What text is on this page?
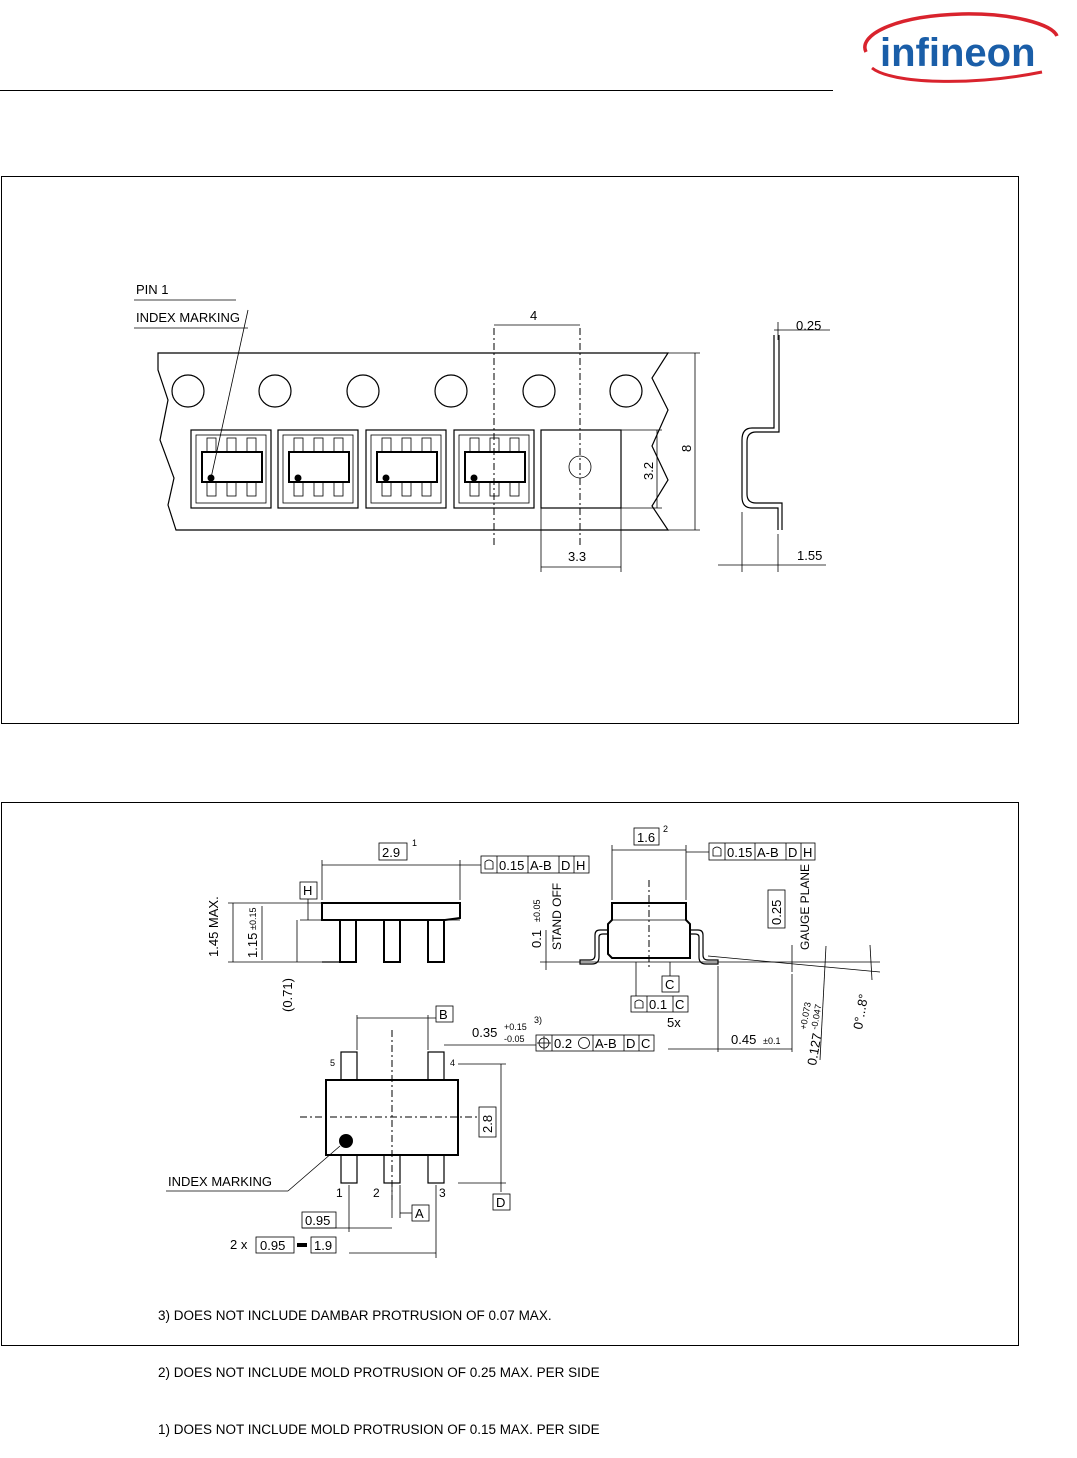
infineon
PIN 1
INDEX MARKING	4
8
3.2
3.3
0.25
1.55
2.9
1
0.15 A-B D H
H
1.45 MAX. 1.15
±0.15
(0.71)
1.6
2
0.15 A-B D H
0.1
±0.05 STAND OFF	0.25 GAUGE PLANE
C
0.1 C
5x
0.45 ±0.1 0.127
+0.073
-0.047 0°...8°
5	4
1	2	3
B
0.35 +0.15
-0.05
3)
0.2 A-B D C
2.8
D
INDEX MARKING
A
0.95
2 x 0.95 1.9

3) DOES NOT INCLUDE DAMBAR PROTRUSION OF 0.07 MAX.

2) DOES NOT INCLUDE MOLD PROTRUSION OF 0.25 MAX. PER SIDE

1) DOES NOT INCLUDE MOLD PROTRUSION OF 0.15 MAX. PER SIDE
